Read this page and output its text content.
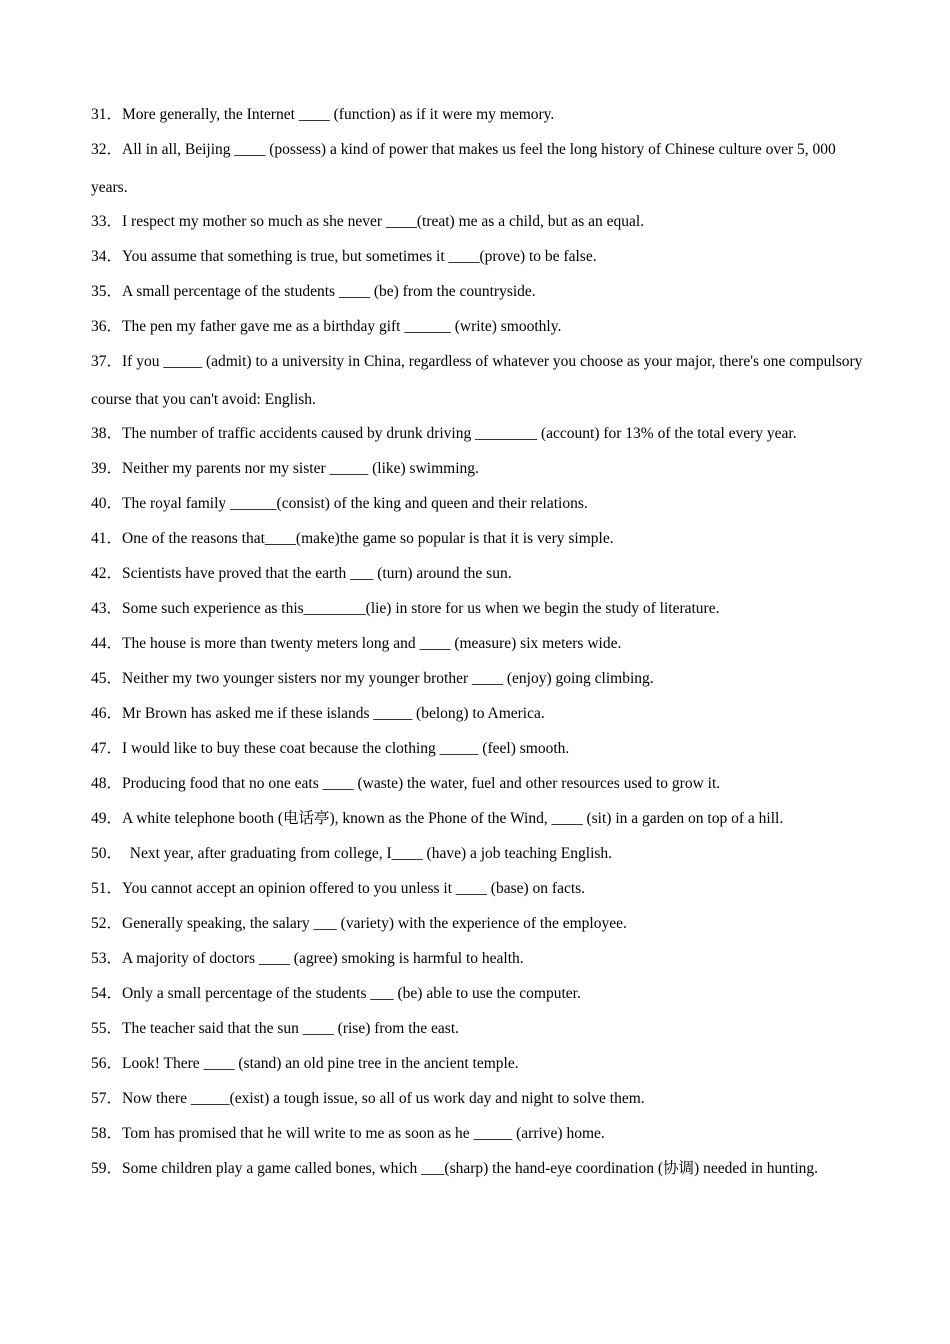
31．More generally, the Internet ____ (function) as if it were my memory.

32．All in all, Beijing ____ (possess) a kind of power that makes us feel the long history of Chinese culture over 5, 000 years.

33．I respect my mother so much as she never ____(treat) me as a child, but as an equal.

34．You assume that something is true, but sometimes it ____(prove) to be false.

35．A small percentage of the students ____ (be) from the countryside.

36．The pen my father gave me as a birthday gift ______ (write) smoothly.

37．If you _____ (admit) to a university in China, regardless of whatever you choose as your major, there's one compulsory course that you can't avoid: English.

38．The number of traffic accidents caused by drunk driving ________ (account) for 13% of the total every year.

39．Neither my parents nor my sister _____ (like) swimming.

40．The royal family ______(consist) of the king and queen and their relations.

41．One of the reasons that____(make)the game so popular is that it is very simple.

42．Scientists have proved that the earth ___ (turn) around the sun.

43．Some such experience as this________(lie) in store for us when we begin the study of literature.

44．The house is more than twenty meters long and ____ (measure) six meters wide.

45．Neither my two younger sisters nor my younger brother ____ (enjoy) going climbing.

46．Mr Brown has asked me if these islands _____ (belong) to America.

47．I would like to buy these coat because the clothing _____ (feel) smooth.

48．Producing food that no one eats ____ (waste) the water, fuel and other resources used to grow it.

49．A white telephone booth (电话亭), known as the Phone of the Wind, ____ (sit) in a garden on top of a hill.

50．  Next year, after graduating from college, I____ (have) a job teaching English.

51．You cannot accept an opinion offered to you unless it ____ (base) on facts.

52．Generally speaking, the salary ___ (variety) with the experience of the employee.

53．A majority of doctors ____ (agree) smoking is harmful to health.

54．Only a small percentage of the students ___ (be) able to use the computer.

55．The teacher said that the sun ____ (rise) from the east.

56．Look! There ____ (stand) an old pine tree in the ancient temple.

57．Now there _____(exist) a tough issue, so all of us work day and night to solve them.

58．Tom has promised that he will write to me as soon as he _____ (arrive) home.

59．Some children play a game called bones, which ___(sharp) the hand-eye coordination (协调) needed in hunting.
